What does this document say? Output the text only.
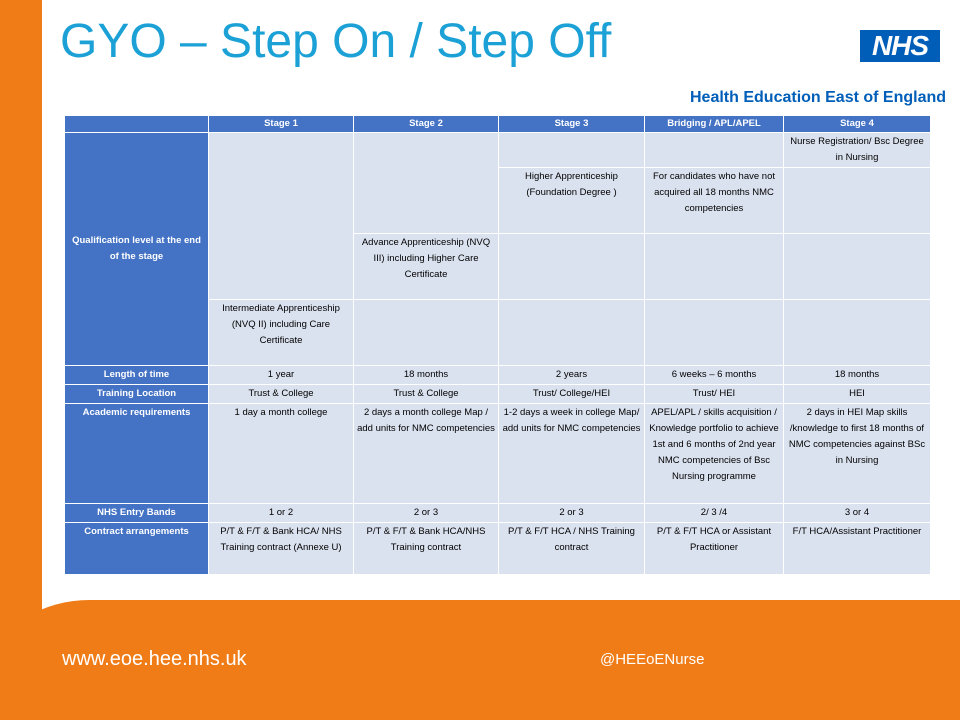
GYO – Step On / Step Off	NHS
Health Education East of England
	Stage 1	Stage 2	Stage 3	Bridging / APL/APEL	Stage 4
Qualification level at the end of the stage					Nurse Registration/ Bsc Degree in Nursing
			Higher Apprenticeship (Foundation Degree )	For candidates who have not acquired all 18 months NMC competencies	
		Advance Apprenticeship (NVQ III) including Higher Care Certificate			
	Intermediate Apprenticeship (NVQ II) including Care Certificate				
Length of time	1 year	18 months	2 years	6 weeks – 6 months	18 months
Training Location	Trust & College	Trust & College	Trust/ College/HEI	Trust/ HEI	HEI
Academic requirements	1 day a month college	2 days a month college Map / add units for NMC competencies	1-2 days a week in college Map/ add units for NMC competencies	APEL/APL / skills acquisition / Knowledge portfolio to achieve 1st and 6 months of 2nd year NMC competencies of Bsc Nursing programme	2 days in HEI Map skills /knowledge to first 18 months of NMC competencies against BSc in Nursing
NHS Entry Bands	1 or 2	2 or 3	2 or 3	2/ 3 /4	3 or 4
Contract arrangements	P/T & F/T & Bank HCA/ NHS Training contract (Annexe U)	P/T & F/T & Bank HCA/NHS Training contract	P/T & F/T HCA / NHS Training contract	P/T & F/T HCA or Assistant Practitioner	F/T HCA/Assistant Practitioner
www.eoe.hee.nhs.uk	@HEEoENurse
